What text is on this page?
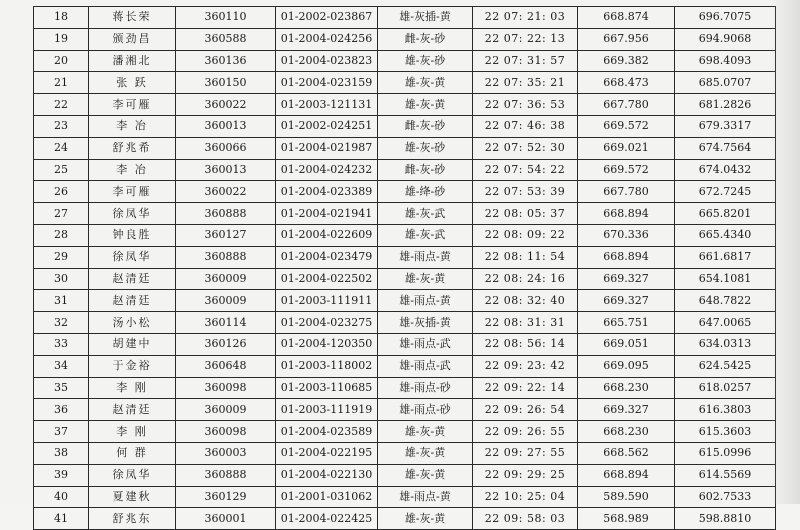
18	蒋长荣	360110	01-2002-023867	雄-灰插-黄	22 07: 21: 03	668.874	696.7075
19	颁劲昌	360588	01-2004-024256	雌-灰-砂	22 07: 22: 13	667.956	694.9068
20	潘湘北	360136	01-2004-023823	雄-灰-砂	22 07: 31: 57	669.382	698.4093
21	张 跃	360150	01-2004-023159	雄-灰-黄	22 07: 35: 21	668.473	685.0707
22	李可雁	360022	01-2003-121131	雄-灰-黄	22 07: 36: 53	667.780	681.2826
23	李 冶	360013	01-2002-024251	雌-灰-砂	22 07: 46: 38	669.572	679.3317
24	舒兆希	360066	01-2004-021987	雄-灰-砂	22 07: 52: 30	669.021	674.7564
25	李 冶	360013	01-2004-024232	雌-灰-砂	22 07: 54: 22	669.572	674.0432
26	李可雁	360022	01-2004-023389	雄-绛-砂	22 07: 53: 39	667.780	672.7245
27	徐凤华	360888	01-2004-021941	雄-灰-武	22 08: 05: 37	668.894	665.8201
28	钟良胜	360127	01-2004-022609	雄-灰-武	22 08: 09: 22	670.336	665.4340
29	徐凤华	360888	01-2004-023479	雄-雨点-黄	22 08: 11: 54	668.894	661.6817
30	赵清廷	360009	01-2004-022502	雄-灰-黄	22 08: 24: 16	669.327	654.1081
31	赵清廷	360009	01-2003-111911	雄-雨点-黄	22 08: 32: 40	669.327	648.7822
32	汤小松	360114	01-2004-023275	雄-灰插-黄	22 08: 31: 31	665.751	647.0065
33	胡建中	360126	01-2004-120350	雄-雨点-武	22 08: 56: 14	669.051	634.0313
34	于金裕	360648	01-2003-118002	雄-雨点-武	22 09: 23: 42	669.095	624.5425
35	李 刚	360098	01-2003-110685	雄-雨点-砂	22 09: 22: 14	668.230	618.0257
36	赵清廷	360009	01-2003-111919	雄-雨点-砂	22 09: 26: 54	669.327	616.3803
37	李 刚	360098	01-2004-023589	雄-灰-黄	22 09: 26: 55	668.230	615.3603
38	何 群	360003	01-2004-022195	雄-灰-黄	22 09: 27: 55	668.562	615.0996
39	徐凤华	360888	01-2004-022130	雄-灰-黄	22 09: 29: 25	668.894	614.5569
40	夏建秋	360129	01-2001-031062	雄-雨点-黄	22 10: 25: 04	589.590	602.7533
41	舒兆东	360001	01-2004-022425	雄-灰-黄	22 09: 58: 03	568.989	598.8810
